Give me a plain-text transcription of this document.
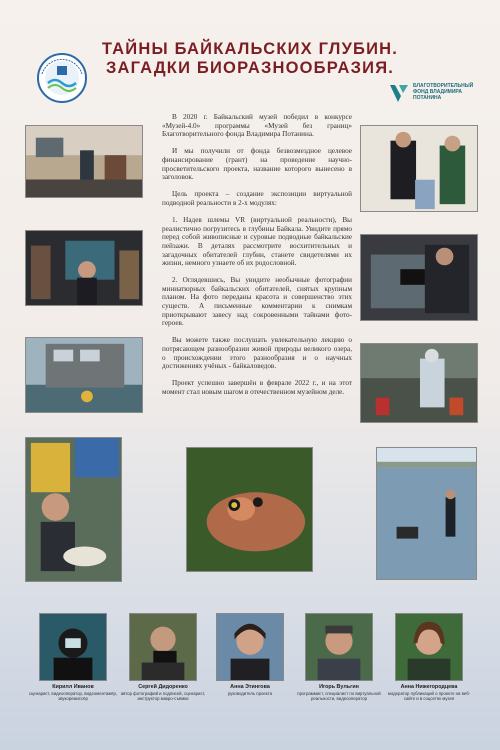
ТАЙНЫ БАЙКАЛЬСКИХ ГЛУБИН.
ЗАГАДКИ БИОРАЗНООБРАЗИЯ.
БЛАГОТВОРИТЕЛЬНЫЙ
ФОНД ВЛАДИМИРА
ПОТАНИНА

В 2020 г. Байкальский музей победил в конкурсе «Музей-4.0» программы «Музей без границ» Благотворительного фонда Владимира Потанина.

И мы получили от фонда безвозмездное целевое финансирование (грант) на проведение научно-просветительского проекта, название которого вынесено в заголовок.

Цель проекта – создание экспозиции виртуальной подводной реальности в 2-х модулях:

1. Надев шлемы VR (виртуальной реальности), Вы реалистично погрузитесь в глубины Байкала. Увидите прямо перед собой живописные и суровые подводные байкальские пейзажи. В деталях рассмотрите восхитительных и загадочных обитателей глубин, станете свидетелями их жизни, немного узнаете об их родословной.

2. Оглядевшись, Вы увидите необычные фотографии миниатюрных байкальских обитателей, снятых крупным планом. На фото переданы красота и совершенство этих существ. А письменные комментарии к снимкам приоткрывают завесу над сокровенными тайнами фото-героев.

Вы можете также послушать увлекательную лекцию о потрясающем разнообразии живой природы великого озера, о происхождении этого разнообразия и о научных достижениях учёных - байкаловедов.

Проект успешно завершён в феврале 2022 г., и на этот момент стал новым шагом в отечественном музейном деле.

Кирилл Иванов
сценарист, видеооператор, видеомонтажёр, звукорежиссёр
Сергей Дидоренко
автор фотографий и подписей, сценарист, инструктор макро-съёмки
Анна Этингова
руководитель проекта
Игорь Вульгин
программист, специалист по виртуальной реальности, видеооператор
Анна Нижегородцева
модератор публикаций о проекте на веб-сайте и в соцсетях музея
